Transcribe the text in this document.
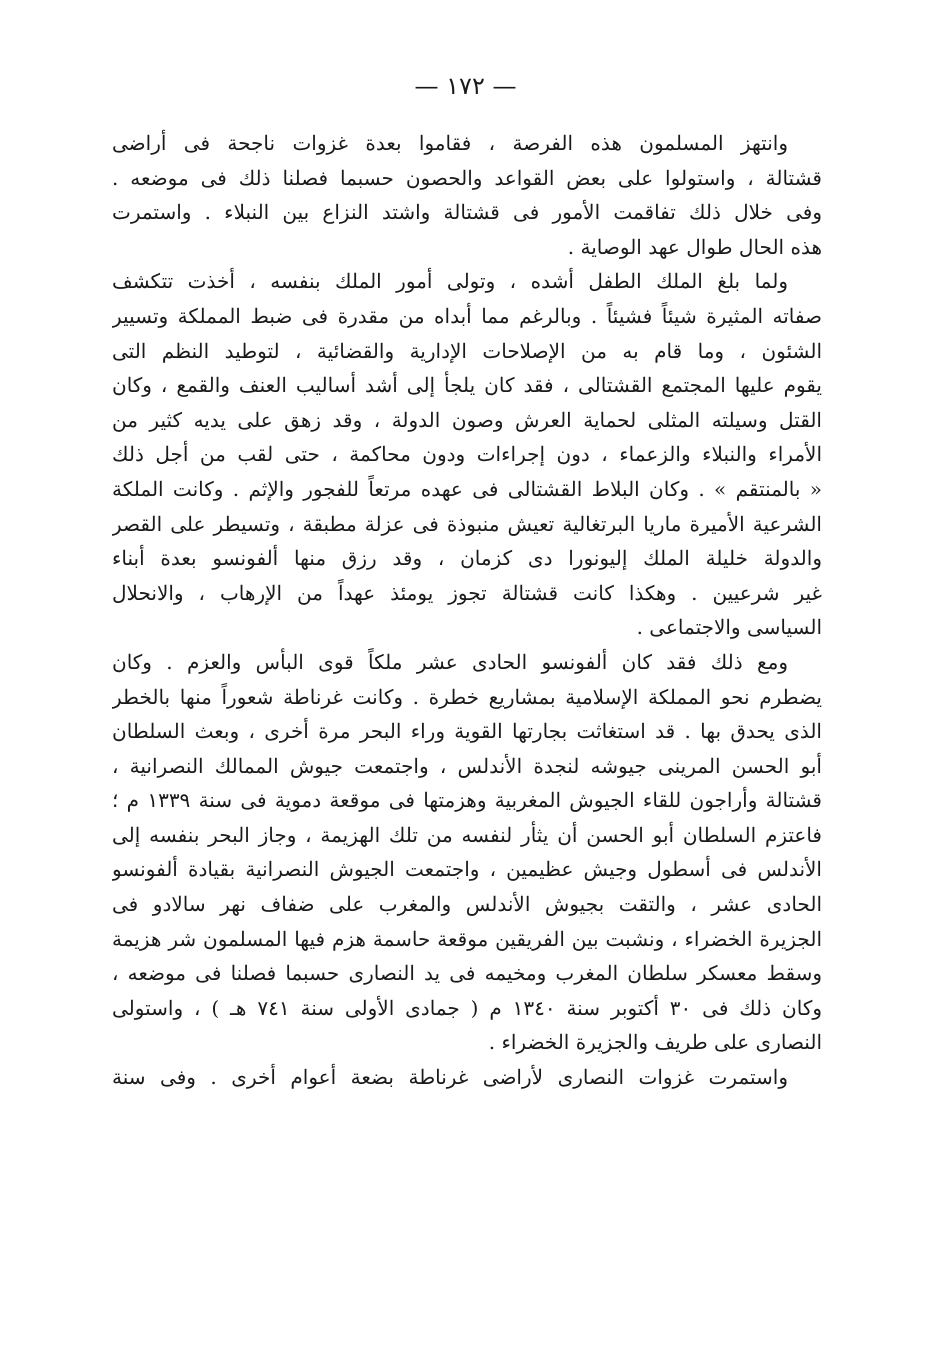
— ١٧٢ —
وانتهز المسلمون هذه الفرصة ، فقاموا بعدة غزوات ناجحة فى أراضى
قشتالة ، واستولوا على بعض القواعد والحصون حسبما فصلنا ذلك فى موضعه .
وفى خلال ذلك تفاقمت الأمور فى قشتالة واشتد النزاع بين النبلاء . واستمرت
هذه الحال طوال عهد الوصاية .
ولما بلغ الملك الطفل أشده ، وتولى أمور الملك بنفسه ، أخذت تتكشف
صفاته المثيرة شيئاً فشيئاً . وبالرغم مما أبداه من مقدرة فى ضبط المملكة وتسيير
الشئون ، وما قام به من الإصلاحات الإدارية والقضائية ، لتوطيد النظم التى
يقوم عليها المجتمع القشتالى ، فقد كان يلجأ إلى أشد أساليب العنف والقمع ، وكان
القتل وسيلته المثلى لحماية العرش وصون الدولة ، وقد زهق على يديه كثير من
الأمراء والنبلاء والزعماء ، دون إجراءات ودون محاكمة ، حتى لقب من أجل ذلك
« بالمنتقم » . وكان البلاط القشتالى فى عهده مرتعاً للفجور والإثم . وكانت الملكة
الشرعية الأميرة ماريا البرتغالية تعيش منبوذة فى عزلة مطبقة ، وتسيطر على القصر
والدولة خليلة الملك إليونورا دى كزمان ، وقد رزق منها ألفونسو بعدة أبناء
غير شرعيين . وهكذا كانت قشتالة تجوز يومئذ عهداً من الإرهاب ، والانحلال
السياسى والاجتماعى .
ومع ذلك فقد كان ألفونسو الحادى عشر ملكاً قوى البأس والعزم . وكان
يضطرم نحو المملكة الإسلامية بمشاريع خطرة . وكانت غرناطة شعوراً منها بالخطر
الذى يحدق بها . قد استغاثت بجارتها القوية وراء البحر مرة أخرى ، وبعث السلطان
أبو الحسن المرينى جيوشه لنجدة الأندلس ، واجتمعت جيوش الممالك النصرانية ،
قشتالة وأراجون للقاء الجيوش المغربية وهزمتها فى موقعة دموية فى سنة ١٣٣٩ م ؛
فاعتزم السلطان أبو الحسن أن يثأر لنفسه من تلك الهزيمة ، وجاز البحر بنفسه إلى
الأندلس فى أسطول وجيش عظيمين ، واجتمعت الجيوش النصرانية بقيادة ألفونسو
الحادى عشر ، والتقت بجيوش الأندلس والمغرب على ضفاف نهر سالادو فى
الجزيرة الخضراء ، ونشبت بين الفريقين موقعة حاسمة هزم فيها المسلمون شر هزيمة
وسقط معسكر سلطان المغرب ومخيمه فى يد النصارى حسبما فصلنا فى موضعه ،
وكان ذلك فى ٣٠ أكتوبر سنة ١٣٤٠ م ( جمادى الأولى سنة ٧٤١ هـ ) ، واستولى
النصارى على طريف والجزيرة الخضراء .
واستمرت غزوات النصارى لأراضى غرناطة بضعة أعوام أخرى . وفى سنة
